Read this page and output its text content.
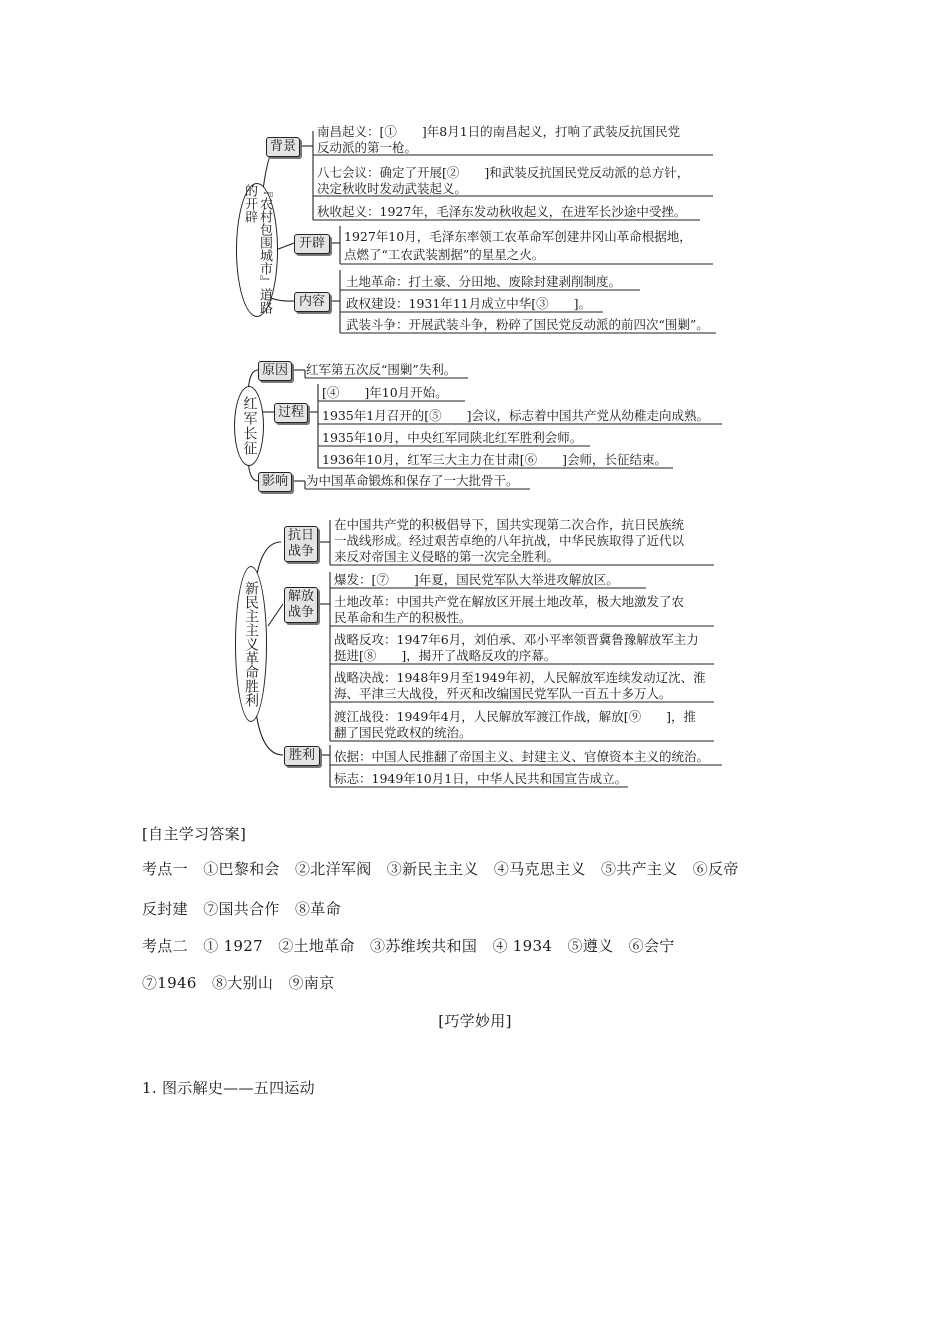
『农村包围城市』道路的开辟
背景
开辟
内容
南昌起义：[①　　]年8月1日的南昌起义，打响了武装反抗国民党
反动派的第一枪。
八七会议：确定了开展[②　　]和武装反抗国民党反动派的总方针，
决定秋收时发动武装起义。
秋收起义：1927年，毛泽东发动秋收起义，在进军长沙途中受挫。
1927年10月，毛泽东率领工农革命军创建井冈山革命根据地，
点燃了“工农武装割据”的星星之火。
土地革命：打土豪、分田地、废除封建剥削制度。
政权建设：1931年11月成立中华[③　　]。
武装斗争：开展武装斗争，粉碎了国民党反动派的前四次“围剿”。
红军长征
原因
过程
影响
红军第五次反“围剿”失利。
[④　　]年10月开始。
1935年1月召开的[⑤　　]会议，标志着中国共产党从幼稚走向成熟。
1935年10月，中央红军同陕北红军胜利会师。
1936年10月，红军三大主力在甘肃[⑥　　]会师，长征结束。
为中国革命锻炼和保存了一大批骨干。
新民主主义革命胜利
抗日
战争
解放
战争
胜利
在中国共产党的积极倡导下，国共实现第二次合作，抗日民族统
一战线形成。经过艰苦卓绝的八年抗战，中华民族取得了近代以
来反对帝国主义侵略的第一次完全胜利。
爆发：[⑦　　]年夏，国民党军队大举进攻解放区。
土地改革：中国共产党在解放区开展土地改革，极大地激发了农
民革命和生产的积极性。
战略反攻：1947年6月，刘伯承、邓小平率领晋冀鲁豫解放军主力
挺进[⑧　　]，揭开了战略反攻的序幕。
战略决战：1948年9月至1949年初，人民解放军连续发动辽沈、淮
海、平津三大战役，歼灭和改编国民党军队一百五十多万人。
渡江战役：1949年4月，人民解放军渡江作战，解放[⑨　　]，推
翻了国民党政权的统治。
依据：中国人民推翻了帝国主义、封建主义、官僚资本主义的统治。
标志：1949年10月1日，中华人民共和国宣告成立。
[自主学习答案]
考点一　①巴黎和会　②北洋军阀　③新民主主义　④马克思主义　⑤共产主义　⑥反帝
反封建　⑦国共合作　⑧革命
考点二　① 1927　②土地革命　③苏维埃共和国　④ 1934　⑤遵义　⑥会宁
⑦1946　⑧大别山　⑨南京
[巧学妙用]
1. 图示解史——五四运动
